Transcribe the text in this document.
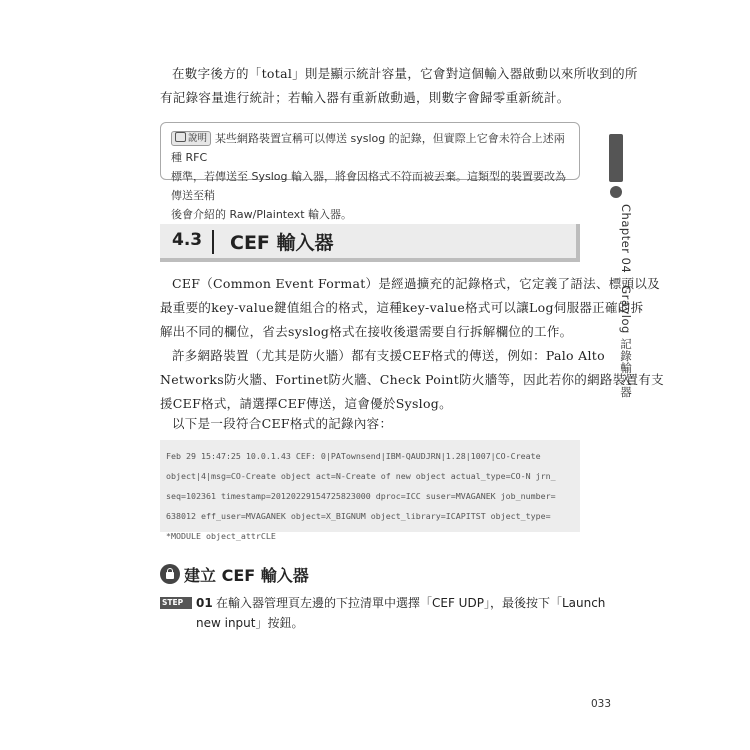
在數字後方的「total」則是顯示統計容量，它會對這個輸入器啟動以來所收到的所
有記錄容量進行統計；若輸入器有重新啟動過，則數字會歸零重新統計。
說明 某些網路裝置宣稱可以傳送 syslog 的記錄，但實際上它會未符合上述兩種 RFC
標準，若傳送至 Syslog 輸入器，將會因格式不符而被丟棄。這類型的裝置要改為傳送至稍
後會介紹的 Raw/Plaintext 輸入器。
4.3 CEF 輸入器
CEF（Common Event Format）是經過擴充的記錄格式，它定義了語法、標頭以及
最重要的key-value鍵值組合的格式，這種key-value格式可以讓Log伺服器正確的拆
解出不同的欄位，省去syslog格式在接收後還需要自行拆解欄位的工作。
許多網路裝置（尤其是防火牆）都有支援CEF格式的傳送，例如：Palo Alto
Networks防火牆、Fortinet防火牆、Check Point防火牆等，因此若你的網路裝置有支
援CEF格式，請選擇CEF傳送，這會優於Syslog。
以下是一段符合CEF格式的記錄內容：
Feb 29 15:47:25 10.0.1.43 CEF: 0|PATownsend|IBM-QAUDJRN|1.28|1007|CO-Create
object|4|msg=CO-Create object act=N-Create of new object actual_type=CO-N jrn_
seq=102361 timestamp=20120229154725823000 dproc=ICC suser=MVAGANEK job_number=
638012 eff_user=MVAGANEK object=X_BIGNUM object_library=ICAPITST object_type=
*MODULE object_attrCLE
建立 CEF 輸入器
STEP	01 在輸入器管理頁左邊的下拉清單中選擇「CEF UDP」，最後按下「Launch
new input」按鈕。
Chapter 04　Graylog 記錄輸入器
033
